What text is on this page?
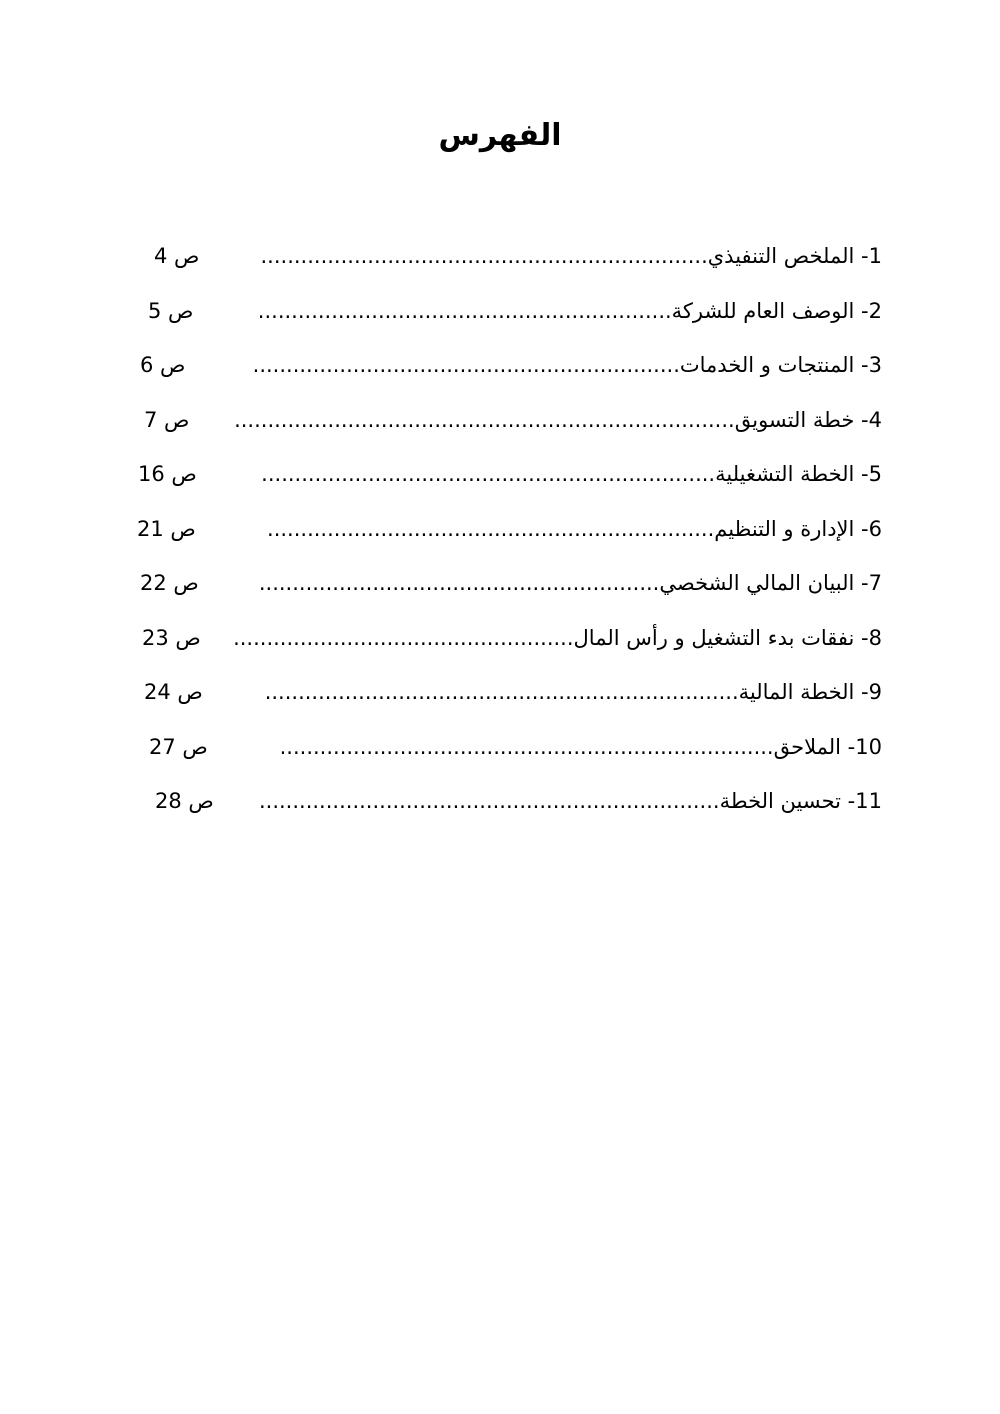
الفهرس
1- الملخص التنفيذي...................................................................
ص 4
2- الوصف العام للشركة..............................................................
ص 5
3- المنتجات و الخدمات................................................................
ص 6
4- خطة التسويق...........................................................................
ص 7
5- الخطة التشغيلية....................................................................
ص 16
6- الإدارة و التنظيم...................................................................
ص 21
7- البيان المالي الشخصي............................................................
ص 22
8- نفقات بدء التشغيل و رأس المال...................................................
ص 23
9- الخطة المالية.......................................................................
ص 24
10- الملاحق..........................................................................
ص 27
11- تحسين الخطة.....................................................................
ص 28
